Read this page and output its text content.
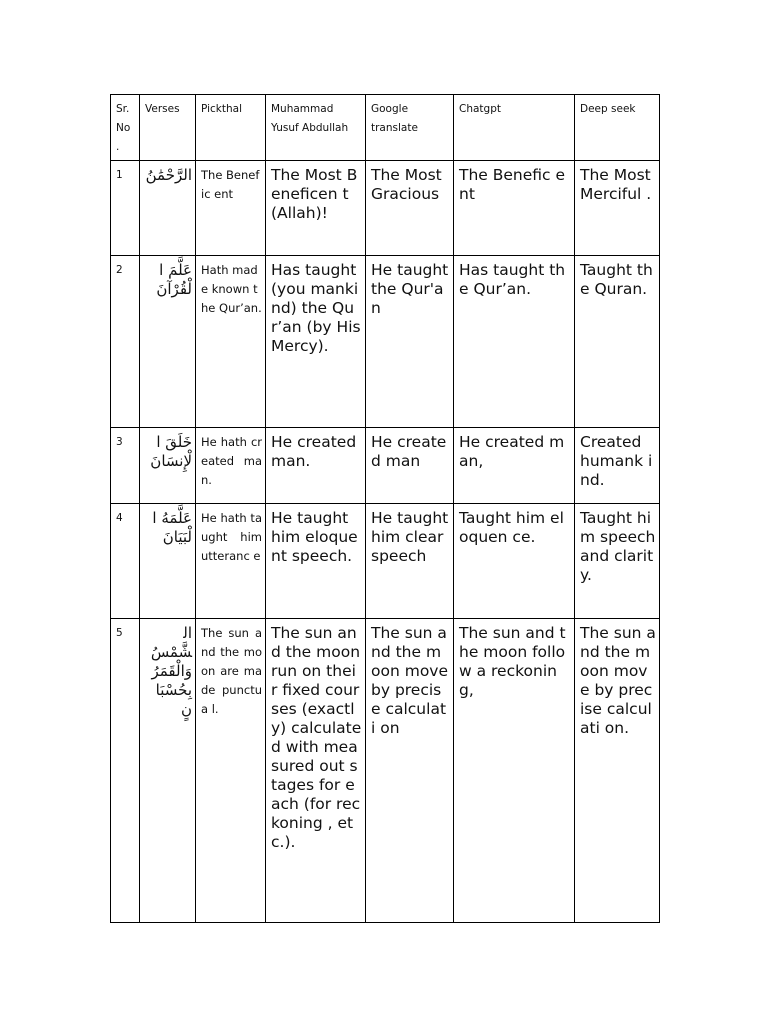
Sr. No .	Verses	Pickthal	Muhammad Yusuf Abdullah	Google translate	Chatgpt	Deep seek
1	الرَّحْمَٰنُ	The Benefic ent	The Most Beneficen t (Allah)!	The Most Gracious	The Benefic ent	The Most Merciful .
2	عَلَّمَ الْقُرْآنَ	Hath made known the Qur’an.	Has taught (you mankind) the Qur’an (by His Mercy).	He taught the Qur'an	Has taught the Qur’an.	Taught the Quran.
3	خَلَقَ الْإِنسَانَ	He hath created man.	He created man.	He created man	He created man,	Created humank ind.
4	عَلَّمَهُ الْبَيَانَ	He hath taught him utteranc e	He taught him eloquent speech.	He taught him clear speech	Taught him eloquen ce.	Taught him speech and clarity.
5	الشَّمْسُ وَالْقَمَرُ بِحُسْبَانٍ	The sun and the moon are made punctua l.	The sun and the moon run on their fixed courses (exactly) calculate d with measured out stages for each (for reckoning , etc.).	The sun and the moon move by precise calculati on	The sun and the moon follow a reckonin g,	The sun and the moon move by precise calculati on.
